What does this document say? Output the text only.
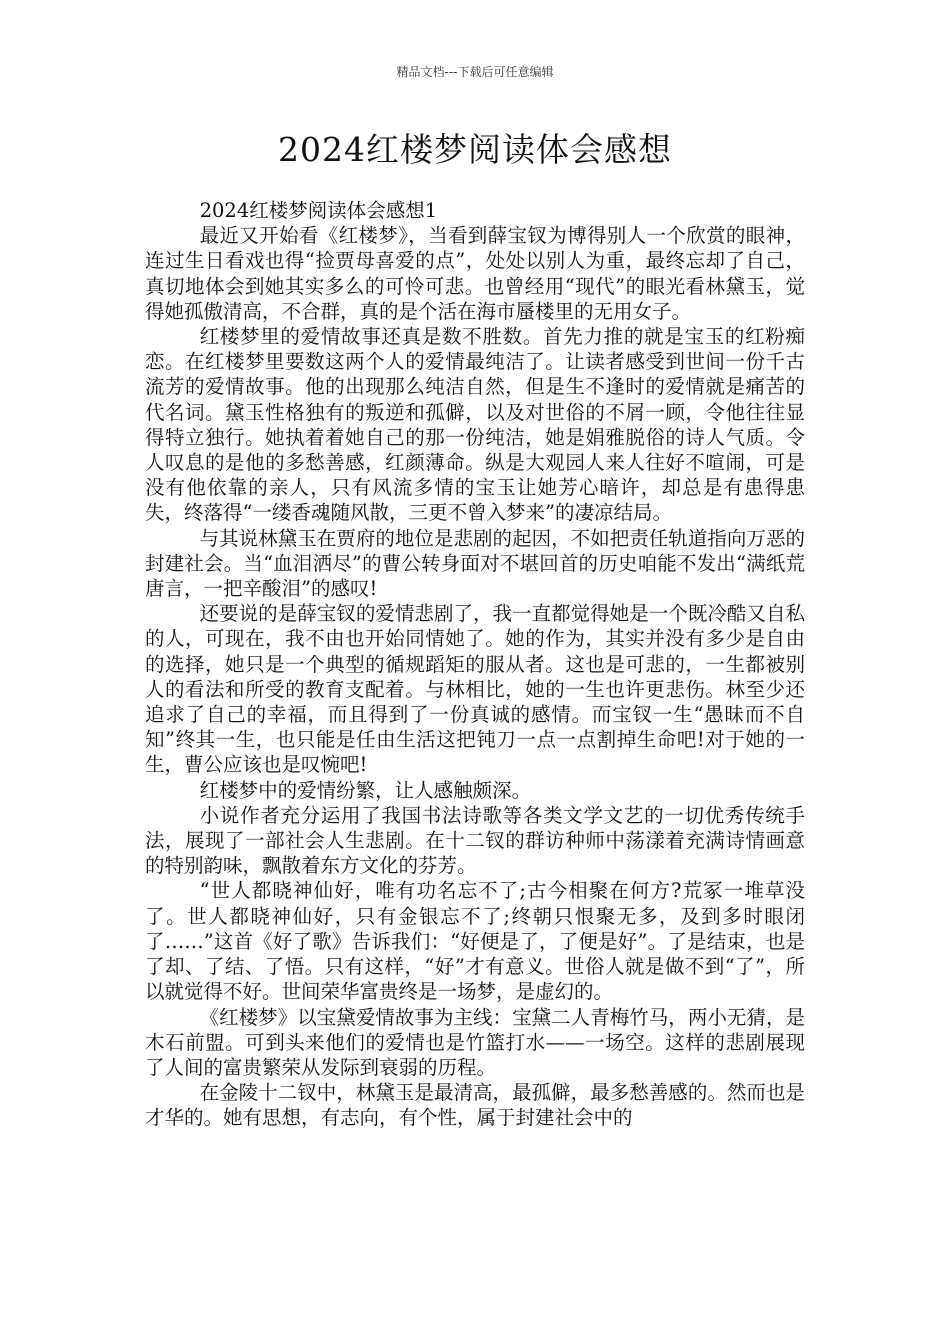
精品文档---下载后可任意编辑
2024红楼梦阅读体会感想

2024红楼梦阅读体会感想1

最近又开始看《红楼梦》，当看到薛宝钗为博得别人一个欣赏的眼神，连过生日看戏也得“捡贾母喜爱的点”，处处以别人为重，最终忘却了自己，真切地体会到她其实多么的可怜可悲。也曾经用“现代”的眼光看林黛玉，觉得她孤傲清高，不合群，真的是个活在海市蜃楼里的无用女子。

红楼梦里的爱情故事还真是数不胜数。首先力推的就是宝玉的红粉痴恋。在红楼梦里要数这两个人的爱情最纯洁了。让读者感受到世间一份千古流芳的爱情故事。他的出现那么纯洁自然，但是生不逢时的爱情就是痛苦的代名词。黛玉性格独有的叛逆和孤僻，以及对世俗的不屑一顾，令他往往显得特立独行。她执着着她自己的那一份纯洁，她是娟雅脱俗的诗人气质。令人叹息的是他的多愁善感，红颜薄命。纵是大观园人来人往好不喧闹，可是没有他依靠的亲人，只有风流多情的宝玉让她芳心暗许，却总是有患得患失，终落得“一缕香魂随风散，三更不曾入梦来”的凄凉结局。

与其说林黛玉在贾府的地位是悲剧的起因，不如把责任轨道指向万恶的封建社会。当“血泪洒尽”的曹公转身面对不堪回首的历史咱能不发出“满纸荒唐言，一把辛酸泪”的感叹!

还要说的是薛宝钗的爱情悲剧了，我一直都觉得她是一个既冷酷又自私的人，可现在，我不由也开始同情她了。她的作为，其实并没有多少是自由的选择，她只是一个典型的循规蹈矩的服从者。这也是可悲的，一生都被别人的看法和所受的教育支配着。与林相比，她的一生也许更悲伤。林至少还追求了自己的幸福，而且得到了一份真诚的感情。而宝钗一生“愚昧而不自知”终其一生，也只能是任由生活这把钝刀一点一点割掉生命吧!对于她的一生，曹公应该也是叹惋吧!

红楼梦中的爱情纷繁，让人感触颇深。

小说作者充分运用了我国书法诗歌等各类文学文艺的一切优秀传统手法，展现了一部社会人生悲剧。在十二钗的群访种师中荡漾着充满诗情画意的特别韵味，飘散着东方文化的芬芳。

“世人都晓神仙好，唯有功名忘不了;古今相聚在何方?荒冢一堆草没了。世人都晓神仙好，只有金银忘不了;终朝只恨聚无多，及到多时眼闭了……”这首《好了歌》告诉我们：“好便是了，了便是好”。了是结束，也是了却、了结、了悟。只有这样，“好”才有意义。世俗人就是做不到“了”，所以就觉得不好。世间荣华富贵终是一场梦，是虚幻的。

《红楼梦》以宝黛爱情故事为主线：宝黛二人青梅竹马，两小无猜，是木石前盟。可到头来他们的爱情也是竹篮打水——一场空。这样的悲剧展现了人间的富贵繁荣从发际到衰弱的历程。

在金陵十二钗中，林黛玉是最清高，最孤僻，最多愁善感的。然而也是才华的。她有思想，有志向，有个性，属于封建社会中的
